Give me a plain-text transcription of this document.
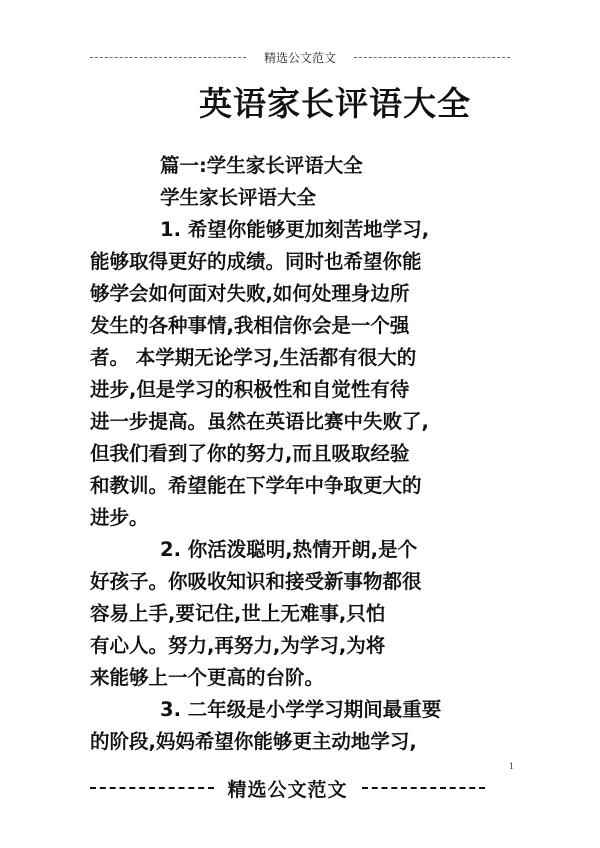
精选公文范文
英语家长评语大全
篇一:学生家长评语大全
学生家长评语大全
1. 希望你能够更加刻苦地学习,
能够取得更好的成绩。同时也希望你能
够学会如何面对失败,如何处理身边所
发生的各种事情,我相信你会是一个强
者。 本学期无论学习,生活都有很大的
进步,但是学习的积极性和自觉性有待
进一步提高。虽然在英语比赛中失败了,
但我们看到了你的努力,而且吸取经验
和教训。希望能在下学年中争取更大的
进步。
2. 你活泼聪明,热情开朗,是个
好孩子。你吸收知识和接受新事物都很
容易上手,要记住,世上无难事,只怕
有心人。努力,再努力,为学习,为将
来能够上一个更高的台阶。
3. 二年级是小学学习期间最重要
的阶段,妈妈希望你能够更主动地学习,
1
精选公文范文
